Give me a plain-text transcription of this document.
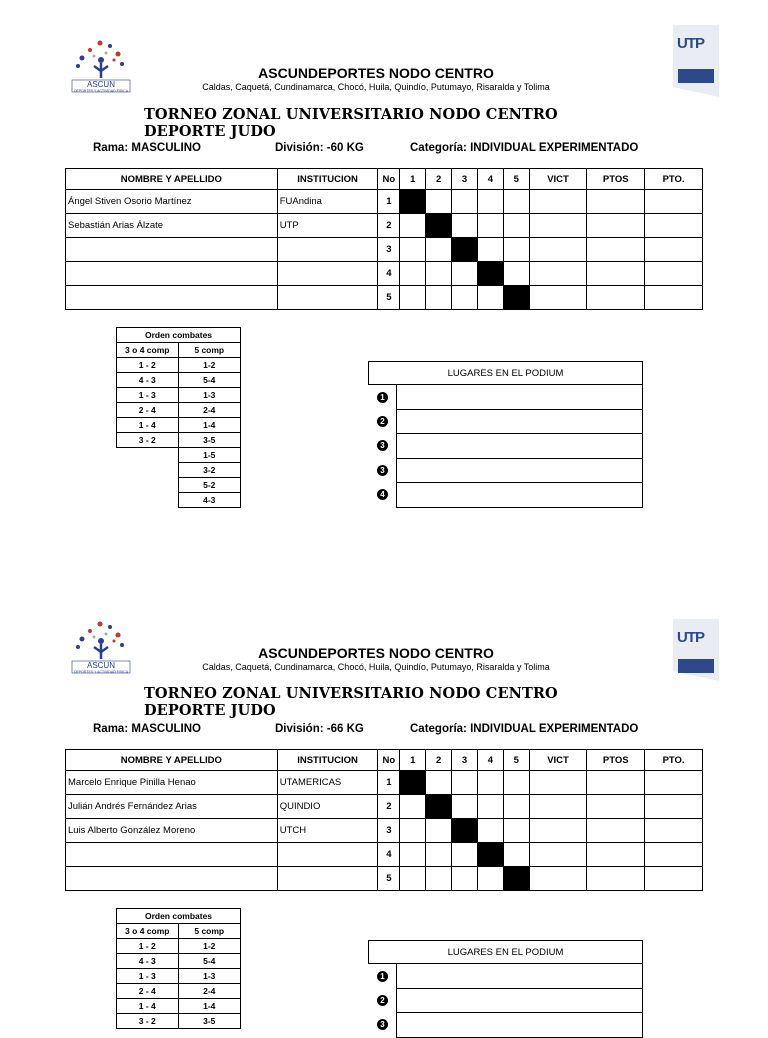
ASCUN
DEPORTES Y ACTIVIDAD FISICA
ASCUNDEPORTES NODO CENTRO
Caldas, Caquetá, Cundinamarca, Chocó, Huila, Quindío, Putumayo, Risaralda y Tolima
UTP
TORNEO ZONAL UNIVERSITARIO NODO CENTRO DEPORTE JUDO
Rama: MASCULINO	División: -60 KG	Categoría: INDIVIDUAL EXPERIMENTADO
NOMBRE Y APELLIDO	INSTITUCION	No	1	2	3	4	5	VICT	PTOS	PTO.
Ángel Stiven Osorio Martínez	FUAndina	1								
Sebastián Arias Álzate	UTP	2								
		3								
		4								
		5								
Orden combates	
3 o 4 comp	5 comp
1 - 2	1-2
4 - 3	5-4
1 - 3	1-3
2 - 4	2-4
1 - 4	1-4
3 - 2	3-5
	1-5
	3-2
	5-2
	4-3
LUGARES EN EL PODIUM	
1	
2	
3	
3	
4	
ASCUN
DEPORTES Y ACTIVIDAD FISICA
ASCUNDEPORTES NODO CENTRO
Caldas, Caquetá, Cundinamarca, Chocó, Huila, Quindío, Putumayo, Risaralda y Tolima
UTP
TORNEO ZONAL UNIVERSITARIO NODO CENTRO DEPORTE JUDO
Rama: MASCULINO	División: -66 KG	Categoría: INDIVIDUAL EXPERIMENTADO
NOMBRE Y APELLIDO	INSTITUCION	No	1	2	3	4	5	VICT	PTOS	PTO.
Marcelo Enrique Pinilla Henao	UTAMERICAS	1								
Julián Andrés Fernández Arias	QUINDIO	2								
Luis Alberto González Moreno	UTCH	3								
		4								
		5								
Orden combates	
3 o 4 comp	5 comp
1 - 2	1-2
4 - 3	5-4
1 - 3	1-3
2 - 4	2-4
1 - 4	1-4
3 - 2	3-5
LUGARES EN EL PODIUM	
1	
2	
3	
